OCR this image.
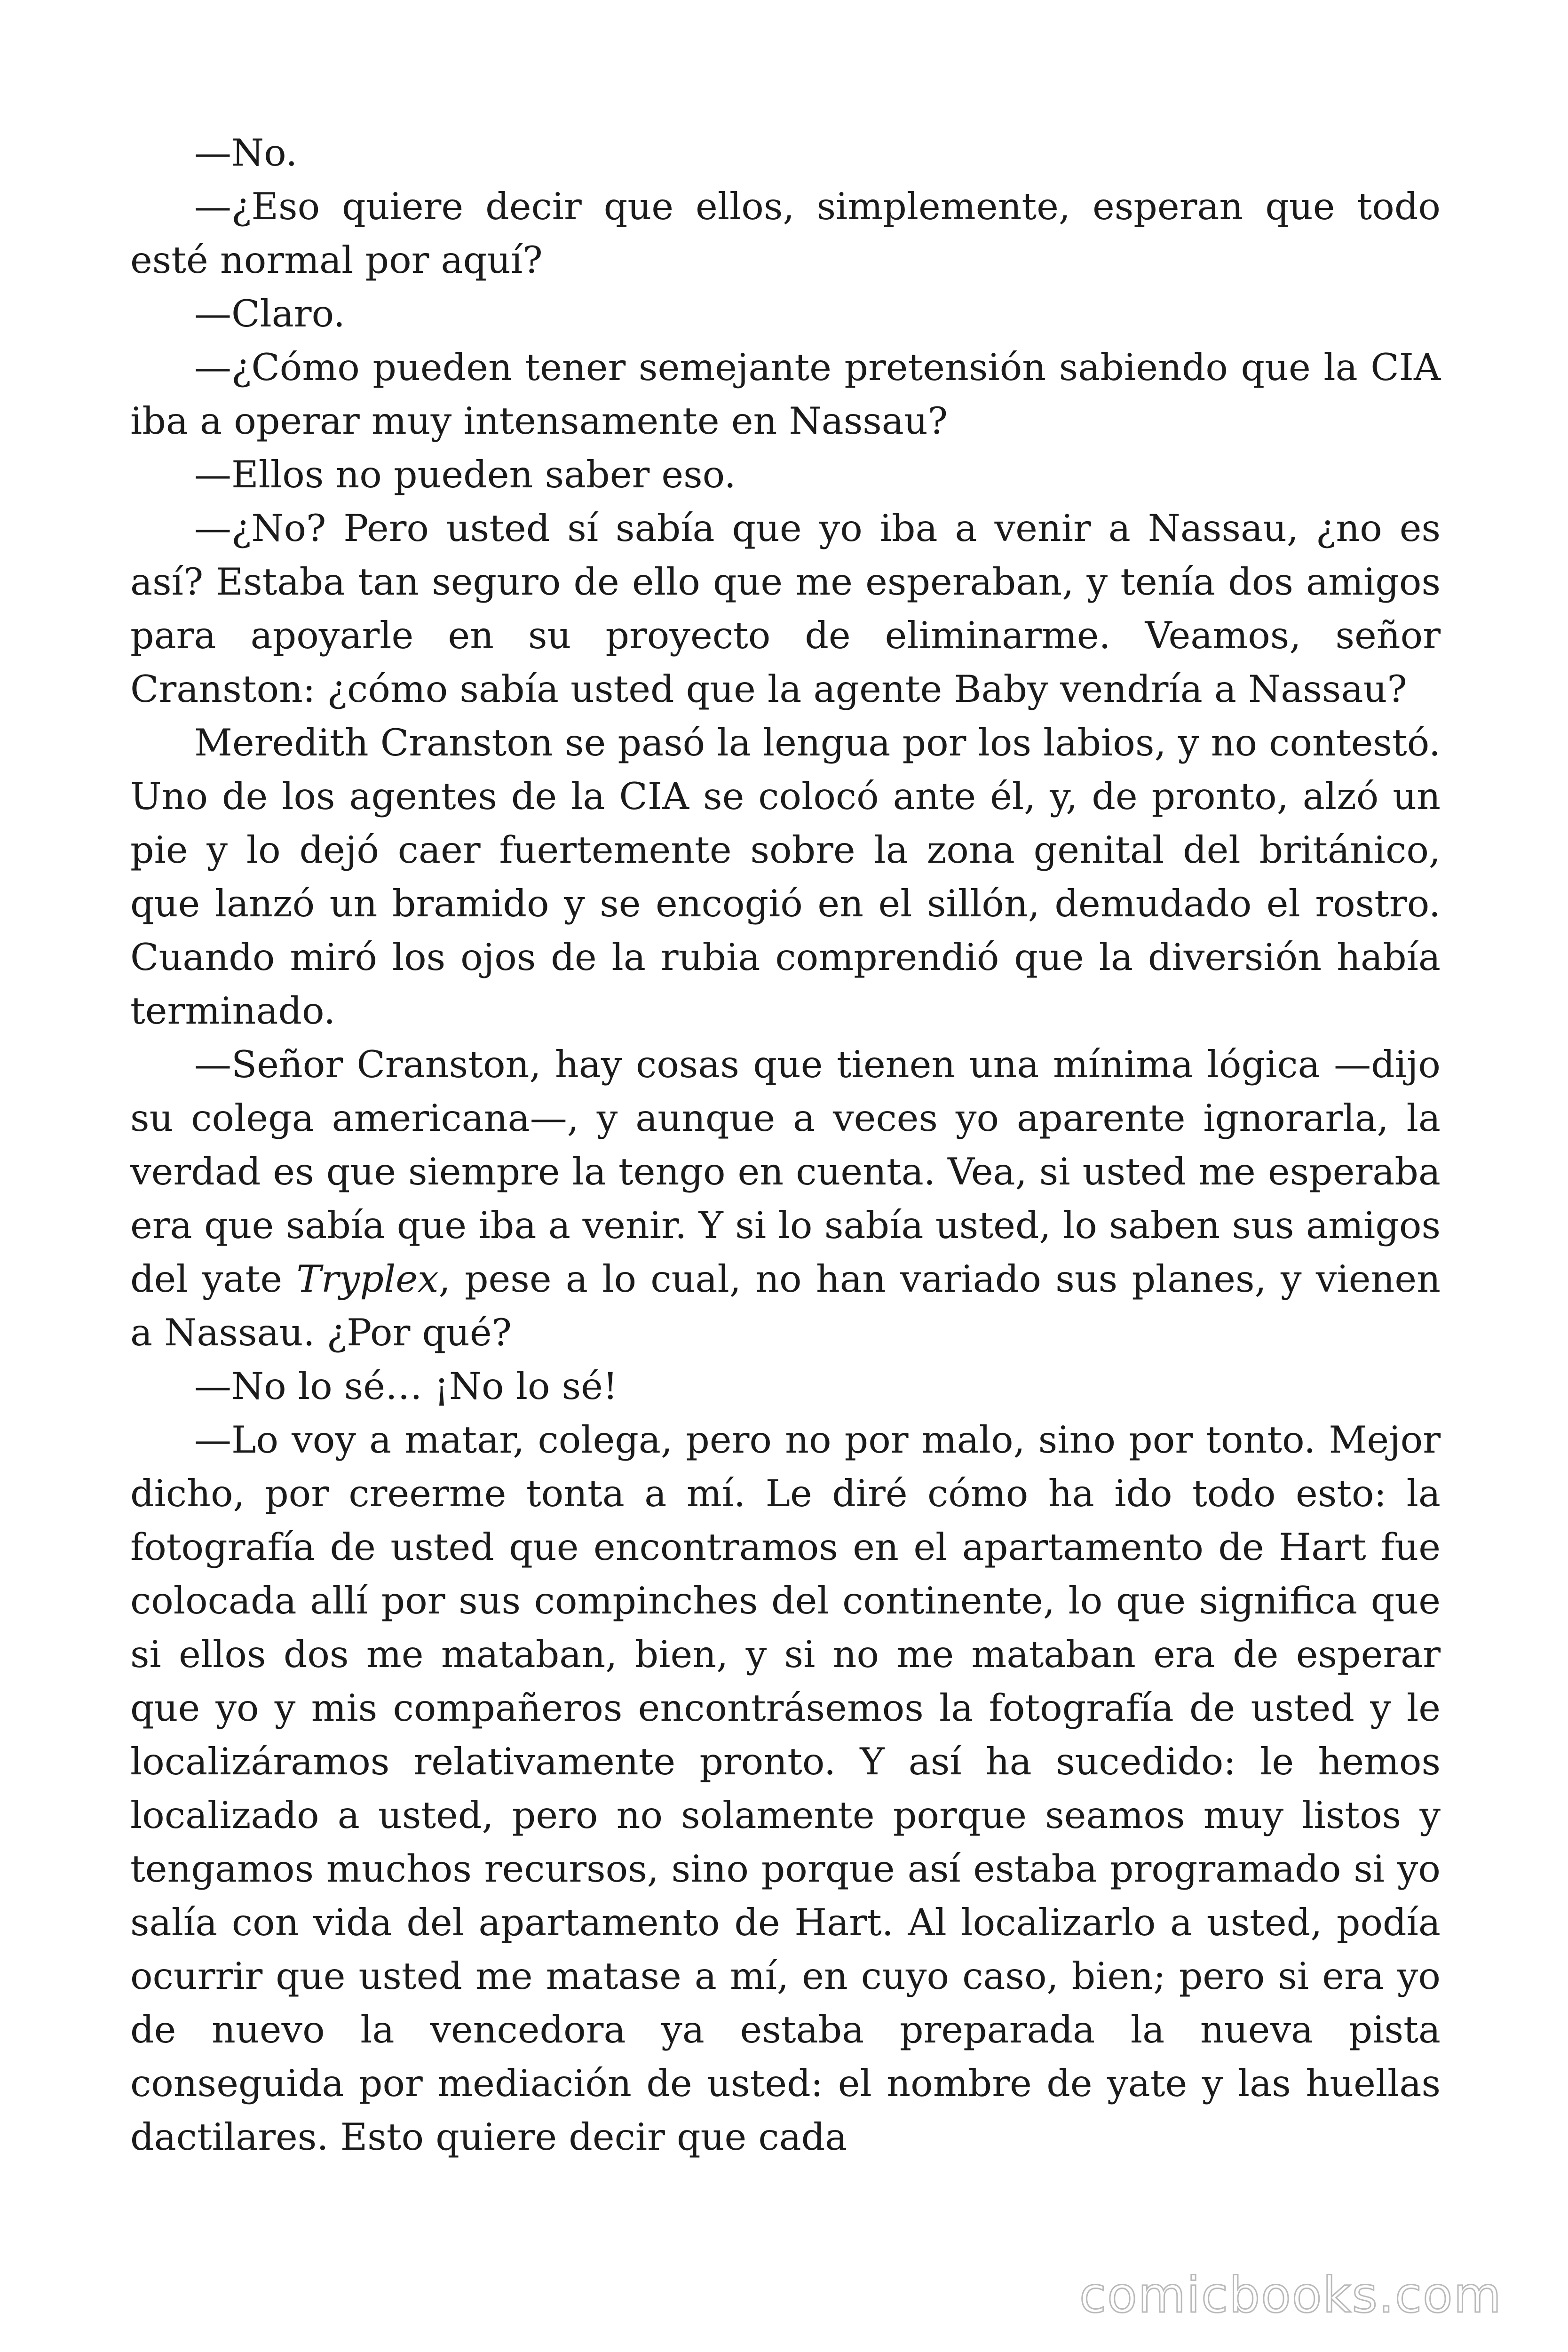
—No.

—¿Eso quiere decir que ellos, simplemente, esperan que todo esté normal por aquí?

—Claro.

—¿Cómo pueden tener semejante pretensión sabiendo que la CIA iba a operar muy intensamente en Nassau?

—Ellos no pueden saber eso.

—¿No? Pero usted sí sabía que yo iba a venir a Nassau, ¿no es así? Estaba tan seguro de ello que me esperaban, y tenía dos amigos para apoyarle en su proyecto de eliminarme. Veamos, señor Cranston: ¿cómo sabía usted que la agente Baby vendría a Nassau?

Meredith Cranston se pasó la lengua por los labios, y no contestó. Uno de los agentes de la CIA se colocó ante él, y, de pronto, alzó un pie y lo dejó caer fuertemente sobre la zona genital del británico, que lanzó un bramido y se encogió en el sillón, demudado el rostro. Cuando miró los ojos de la rubia comprendió que la diversión había terminado.

—Señor Cranston, hay cosas que tienen una mínima lógica —dijo su colega americana—, y aunque a veces yo aparente ignorarla, la verdad es que siempre la tengo en cuenta. Vea, si usted me esperaba era que sabía que iba a venir. Y si lo sabía usted, lo saben sus amigos del yate Tryplex, pese a lo cual, no han variado sus planes, y vienen a Nassau. ¿Por qué?

—No lo sé… ¡No lo sé!

—Lo voy a matar, colega, pero no por malo, sino por tonto. Mejor dicho, por creerme tonta a mí. Le diré cómo ha ido todo esto: la fotografía de usted que encontramos en el apartamento de Hart fue colocada allí por sus compinches del continente, lo que significa que si ellos dos me mataban, bien, y si no me mataban era de esperar que yo y mis compañeros encontrásemos la fotografía de usted y le localizáramos relativamente pronto. Y así ha sucedido: le hemos localizado a usted, pero no solamente porque seamos muy listos y tengamos muchos recursos, sino porque así estaba programado si yo salía con vida del apartamento de Hart. Al localizarlo a usted, podía ocurrir que usted me matase a mí, en cuyo caso, bien; pero si era yo de nuevo la vencedora ya estaba preparada la nueva pista conseguida por mediación de usted: el nombre de yate y las huellas dactilares. Esto quiere decir que cada

comicbooks.com
